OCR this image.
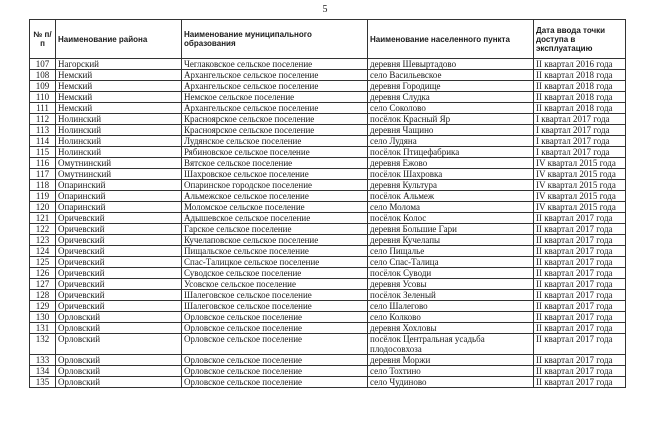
5
№ п/п	Наименование района	Наименование муниципального образования	Наименование населенного пункта	Дата ввода точки доступа в эксплуатацию
107	Нагорский	Чеглаковское сельское поселение	деревня Шевыртадово	II квартал 2016 года
108	Немский	Архангельское сельское поселение	село Васильевское	II квартал 2018 года
109	Немский	Архангельское сельское поселение	деревня Городище	II квартал 2018 года
110	Немский	Немское сельское поселение	деревня Слудка	II квартал 2018 года
111	Немский	Архангельское сельское поселение	село Соколово	II квартал 2018 года
112	Нолинский	Красноярское сельское поселение	посёлок Красный Яр	I квартал 2017 года
113	Нолинский	Красноярское сельское поселение	деревня Чащино	I квартал 2017 года
114	Нолинский	Лудянское сельское поселение	село Лудяна	I квартал 2017 года
115	Нолинский	Рябиновское сельское поселение	посёлок Птицефабрика	I квартал 2017 года
116	Омутнинский	Вятское сельское поселение	деревня Ежово	IV квартал 2015 года
117	Омутнинский	Шахровское сельское поселение	посёлок Шахровка	IV квартал 2015 года
118	Опаринский	Опаринское городское поселение	деревня Культура	IV квартал 2015 года
119	Опаринский	Альмежское сельское поселение	посёлок Альмеж	IV квартал 2015 года
120	Опаринский	Моломское сельское поселение	село Молома	IV квартал 2015 года
121	Оричевский	Адышевское сельское поселение	посёлок Колос	II квартал 2017 года
122	Оричевский	Гарское сельское поселение	деревня Большие Гари	II квартал 2017 года
123	Оричевский	Кучелаповское сельское поселение	деревня Кучелапы	II квартал 2017 года
124	Оричевский	Пищальское сельское поселение	село Пищалье	II квартал 2017 года
125	Оричевский	Спас-Талицкое сельское поселение	село Спас-Талица	II квартал 2017 года
126	Оричевский	Суводское сельское поселение	посёлок Суводи	II квартал 2017 года
127	Оричевский	Усовское сельское поселение	деревня Усовы	II квартал 2017 года
128	Оричевский	Шалеговское сельское поселение	посёлок Зеленый	II квартал 2017 года
129	Оричевский	Шалеговское сельское поселение	село Шалегово	II квартал 2017 года
130	Орловский	Орловское сельское поселение	село Колково	II квартал 2017 года
131	Орловский	Орловское сельское поселение	деревня Хохловы	II квартал 2017 года
132	Орловский	Орловское сельское поселение	посёлок Центральная усадьба плодосовхоза	II квартал 2017 года
133	Орловский	Орловское сельское поселение	деревня Моржи	II квартал 2017 года
134	Орловский	Орловское сельское поселение	село Тохтино	II квартал 2017 года
135	Орловский	Орловское сельское поселение	село Чудиново	II квартал 2017 года
